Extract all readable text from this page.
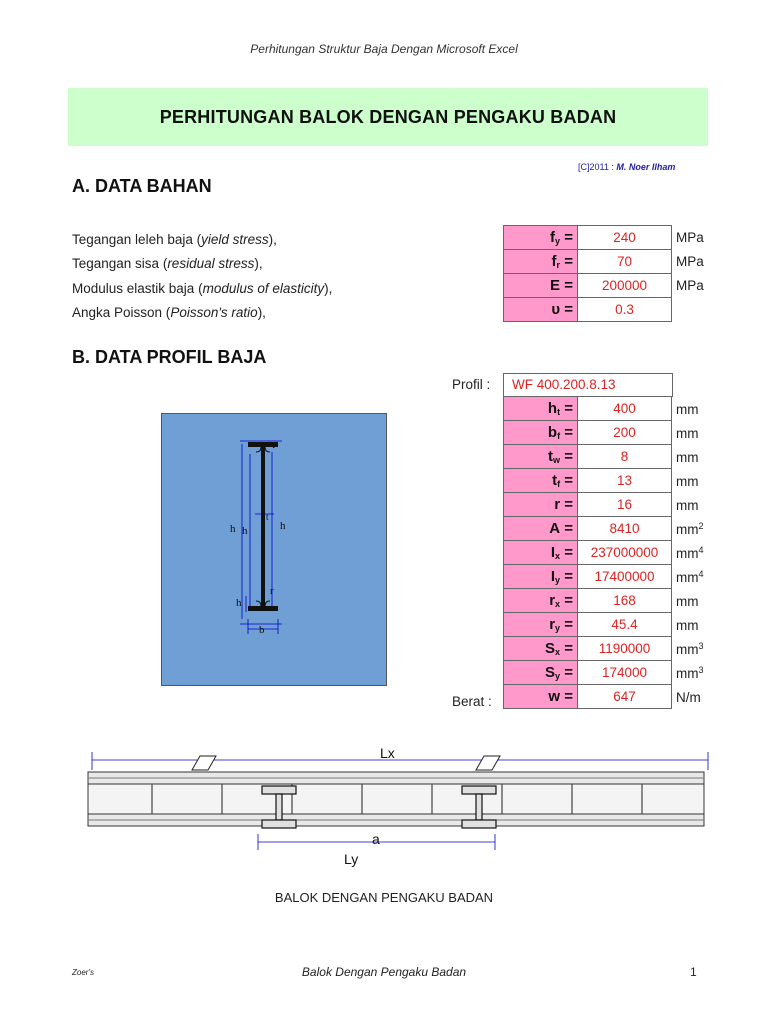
Perhitungan Struktur Baja Dengan Microsoft Excel
PERHITUNGAN BALOK DENGAN PENGAKU BADAN
[C]2011 : M. Noer Ilham
A. DATA BAHAN
Tegangan leleh baja (yield stress),
Tegangan sisa (residual stress),
Modulus elastik baja (modulus of elasticity),
Angka Poisson (Poisson's ratio),
$f_y$ =	240	MPa
$f_r$ =	70	MPa
E =	200000	MPa
υ =	0.3	
B. DATA PROFIL BAJA
Profil :	WF 400.200.8.13
$h_t$ =	400	mm
$b_f$ =	200	mm
$t_w$ =	8	mm
$t_f$ =	13	mm
r =	16	mm
A =	8410	$mm^2$
$I_x$ =	237000000	$mm^4$
$I_y$ =	17400000	$mm^4$
$r_x$ =	168	mm
$r_y$ =	45.4	mm
$S_x$ =	1190000	$mm^3$
$S_y$ =	174000	$mm^3$
w =	647	N/m
Berat :
t
t
h h	h
r
h
b
Lx
a
Ly
BALOK DENGAN PENGAKU BADAN
Zoer's	Balok Dengan Pengaku Badan	1
